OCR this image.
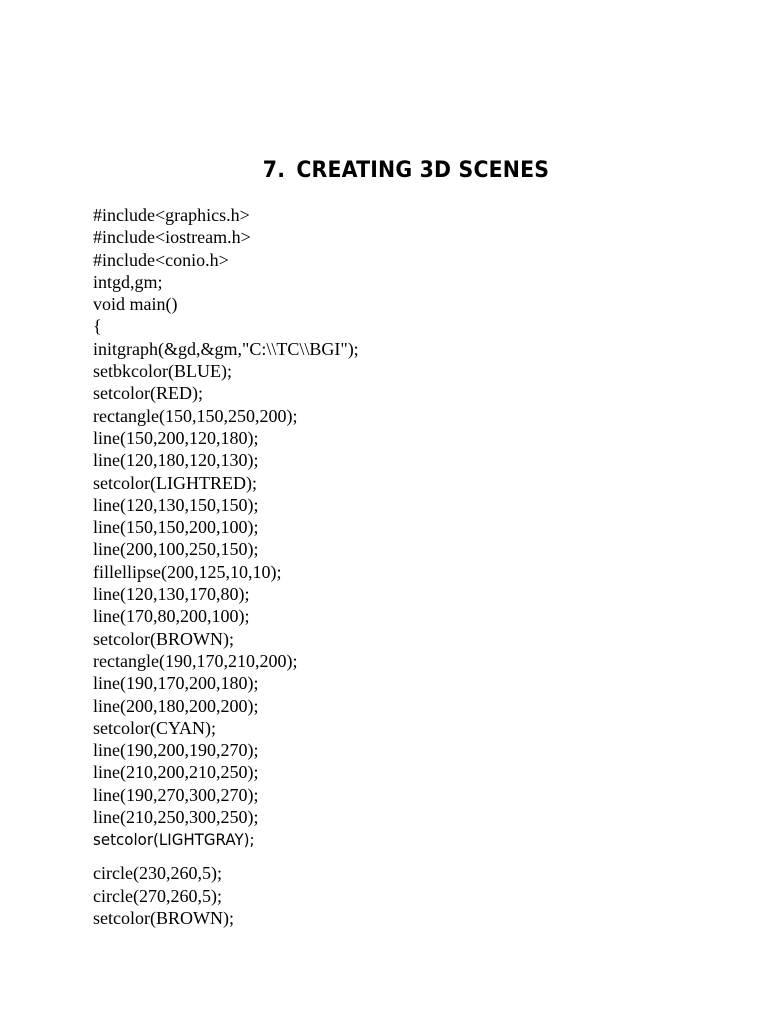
7. CREATING 3D SCENES
#include<graphics.h>
#include<iostream.h>
#include<conio.h>
intgd,gm;
void main()
{
initgraph(&gd,&gm,"C:\\TC\\BGI");
setbkcolor(BLUE);
setcolor(RED);
rectangle(150,150,250,200);
line(150,200,120,180);
line(120,180,120,130);
setcolor(LIGHTRED);
line(120,130,150,150);
line(150,150,200,100);
line(200,100,250,150);
fillellipse(200,125,10,10);
line(120,130,170,80);
line(170,80,200,100);
setcolor(BROWN);
rectangle(190,170,210,200);
line(190,170,200,180);
line(200,180,200,200);
setcolor(CYAN);
line(190,200,190,270);
line(210,200,210,250);
line(190,270,300,270);
line(210,250,300,250);
setcolor(LIGHTGRAY);
circle(230,260,5);
circle(270,260,5);
setcolor(BROWN);
